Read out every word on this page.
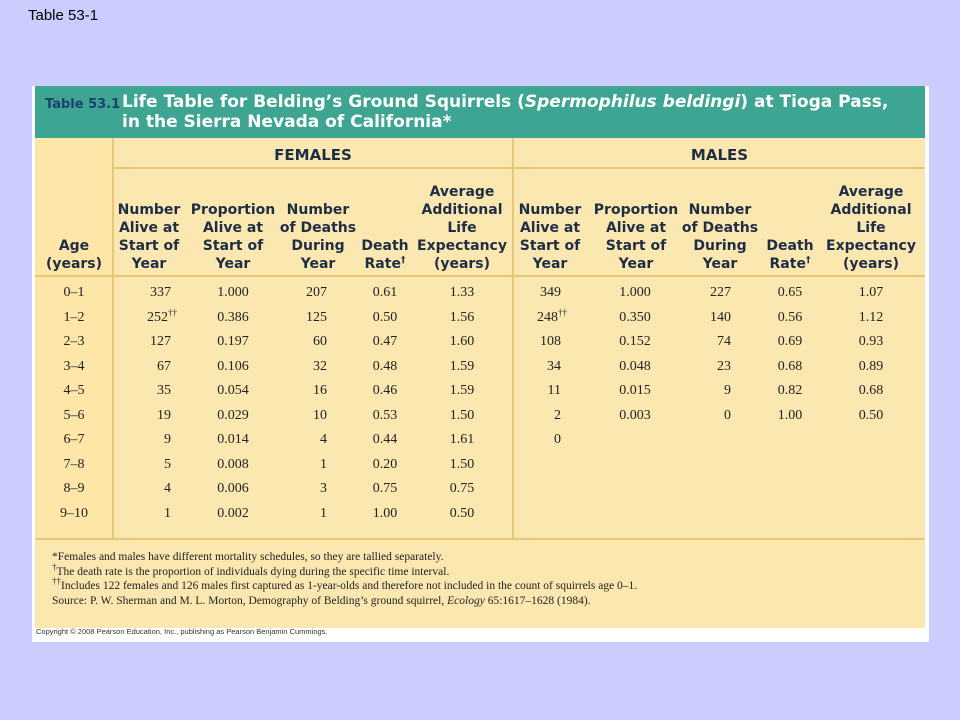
Table 53-1
Table 53.1 Life Table for Belding’s Ground Squirrels (Spermophilus beldingi) at Tioga Pass,
in the Sierra Nevada of California*
FEMALES	MALES
Age
(years)
Number
Alive at
Start of
Year
Proportion
Alive at
Start of
Year
Number
of Deaths
During
Year
Death
Rate†
Average
Additional
Life
Expectancy
(years)
Number
Alive at
Start of
Year
Proportion
Alive at
Start of
Year
Number
of Deaths
During
Year
Death
Rate†
Average
Additional
Life
Expectancy
(years)
0–1
1–2
2–3
3–4
4–5
5–6
6–7
7–8
8–9
9–10
337
252††
127
67
35
19
9
5
4
1
1.000
0.386
0.197
0.106
0.054
0.029
0.014
0.008
0.006
0.002
207
125
60
32
16
10
4
1
3
1
0.61
0.50
0.47
0.48
0.46
0.53
0.44
0.20
0.75
1.00
1.33
1.56
1.60
1.59
1.59
1.50
1.61
1.50
0.75
0.50
349
248††
108
34
11
2
0
1.000
0.350
0.152
0.048
0.015
0.003
227
140
74
23
9
0
0.65
0.56
0.69
0.68
0.82
1.00
1.07
1.12
0.93
0.89
0.68
0.50
*Females and males have different mortality schedules, so they are tallied separately.
†The death rate is the proportion of individuals dying during the specific time interval.
††Includes 122 females and 126 males first captured as 1-year-olds and therefore not included in the count of squirrels age 0–1.
Source: P. W. Sherman and M. L. Morton, Demography of Belding’s ground squirrel, Ecology 65:1617–1628 (1984).
Copyright © 2008 Pearson Education, Inc., publishing as Pearson Benjamin Cummings.
